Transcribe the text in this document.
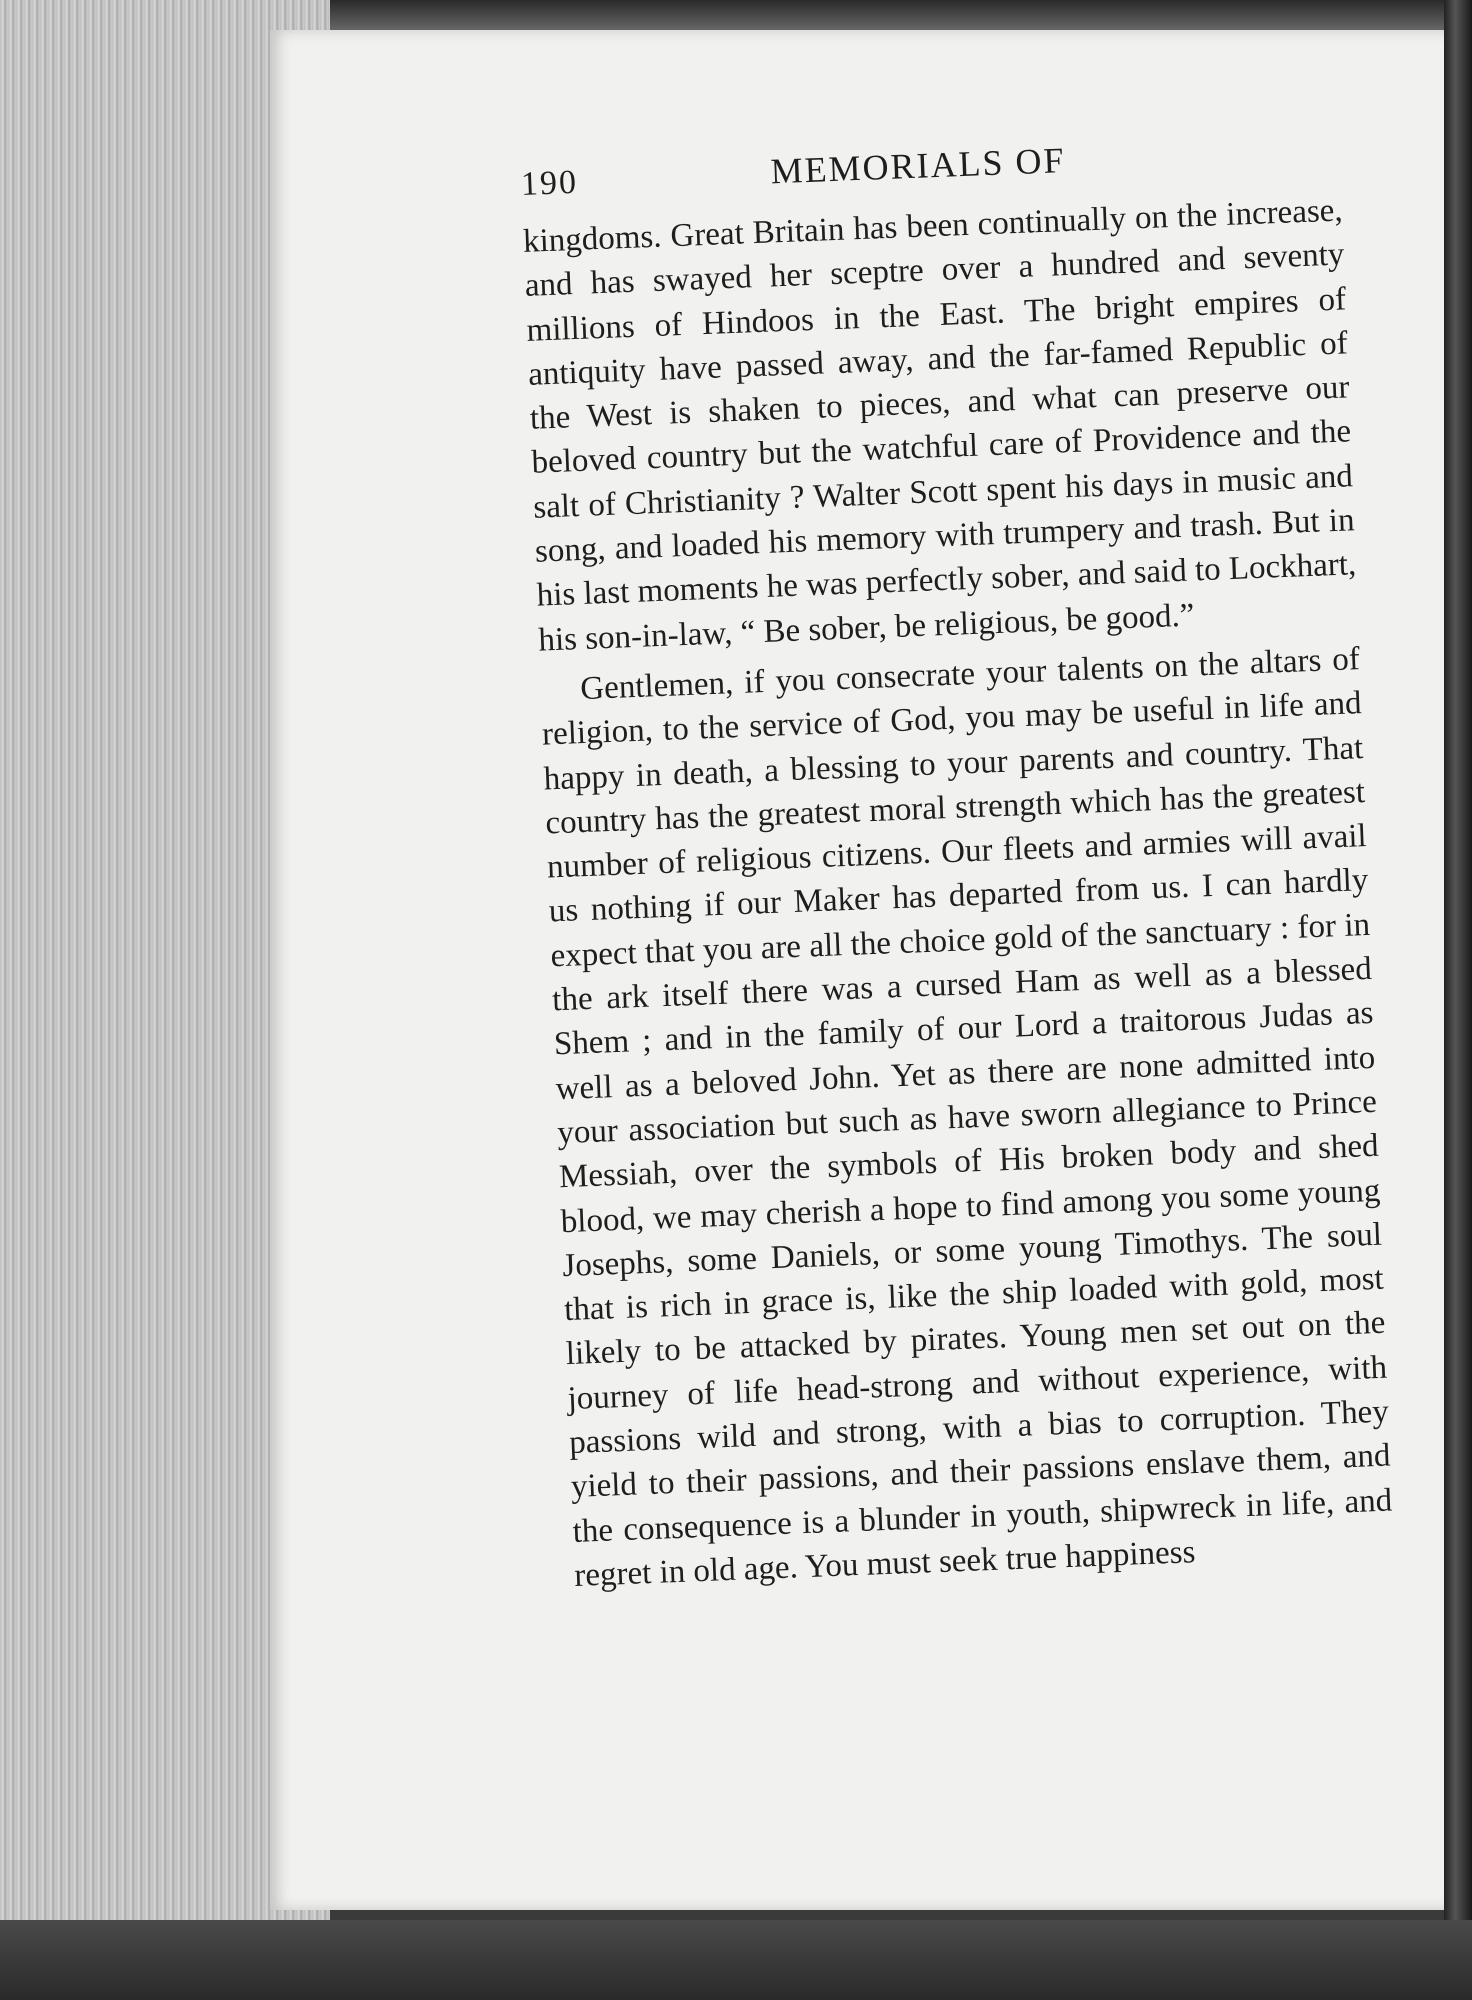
190	MEMORIALS OF

kingdoms. Great Britain has been continually on the increase, and has swayed her sceptre over a hundred and seventy millions of Hindoos in the East. The bright empires of antiquity have passed away, and the far-famed Republic of the West is shaken to pieces, and what can preserve our beloved country but the watchful care of Providence and the salt of Christianity ? Walter Scott spent his days in music and song, and loaded his memory with trumpery and trash. But in his last moments he was perfectly sober, and said to Lockhart, his son-in-law, “ Be sober, be religious, be good.”

Gentlemen, if you consecrate your talents on the altars of religion, to the service of God, you may be useful in life and happy in death, a blessing to your parents and country. That country has the greatest moral strength which has the greatest number of religious citizens. Our fleets and armies will avail us nothing if our Maker has departed from us. I can hardly expect that you are all the choice gold of the sanctuary : for in the ark itself there was a cursed Ham as well as a blessed Shem ; and in the family of our Lord a traitorous Judas as well as a beloved John. Yet as there are none admitted into your association but such as have sworn allegiance to Prince Messiah, over the symbols of His broken body and shed blood, we may cherish a hope to find among you some young Josephs, some Daniels, or some young Timothys. The soul that is rich in grace is, like the ship loaded with gold, most likely to be attacked by pirates. Young men set out on the journey of life head-strong and without experience, with passions wild and strong, with a bias to corruption. They yield to their passions, and their passions enslave them, and the consequence is a blunder in youth, shipwreck in life, and regret in old age. You must seek true happiness
